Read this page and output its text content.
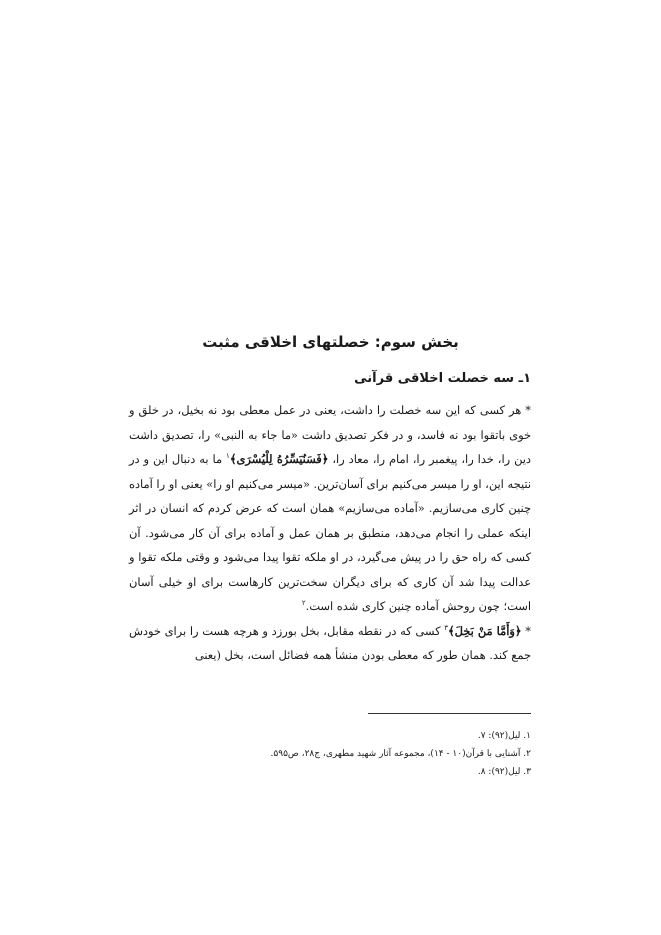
بخش سوم: خصلتهای اخلاقی مثبت
۱ـ سه خصلت اخلاقی قرآنی

* هر کسی که این سه خصلت را داشت، یعنی در عمل معطی بود نه بخیل، در خلق و خوی باتقوا بود نه فاسد، و در فکر تصدیق داشت «ما جاء به النبی» را، تصدیق داشت دین را، خدا را، پیغمبر را، امام را، معاد را، ﴿فَسَنُيَسِّرُهُ لِلْيُسْرَى﴾$^۱$ ما به دنبال این و در نتیجه این، او را میسر می‌کنیم برای آسان‌ترین. «میسر می‌کنیم او را» یعنی او را آماده چنین کاری می‌سازیم. «آماده می‌سازیم» همان است که عرض کردم که انسان در اثر اینکه عملی را انجام می‌دهد، منطبق بر همان عمل و آماده برای آن کار می‌شود. آن کسی که راه حق را در پیش می‌گیرد، در او ملکه تقوا پیدا می‌شود و وقتی ملکه تقوا و عدالت پیدا شد آن کاری که برای دیگران سخت‌ترین کارهاست برای او خیلی آسان است؛ چون روحش آماده چنین کاری شده است.$^۲$

* ﴿وَأَمَّا مَنْ بَخِلَ﴾$^۳$ کسی که در نقطه مقابل، بخل بورزد و هرچه هست را برای خودش جمع کند. همان طور که معطی بودن منشأ همه فضائل است، بخل (یعنی

۱. لیل(۹۲): ۷.

۲. آشنایی با قرآن(۱۰ - ۱۴)، مجموعه آثار شهید مطهری، ج۲۸، ص۵۹۵.

۳. لیل(۹۲): ۸.
